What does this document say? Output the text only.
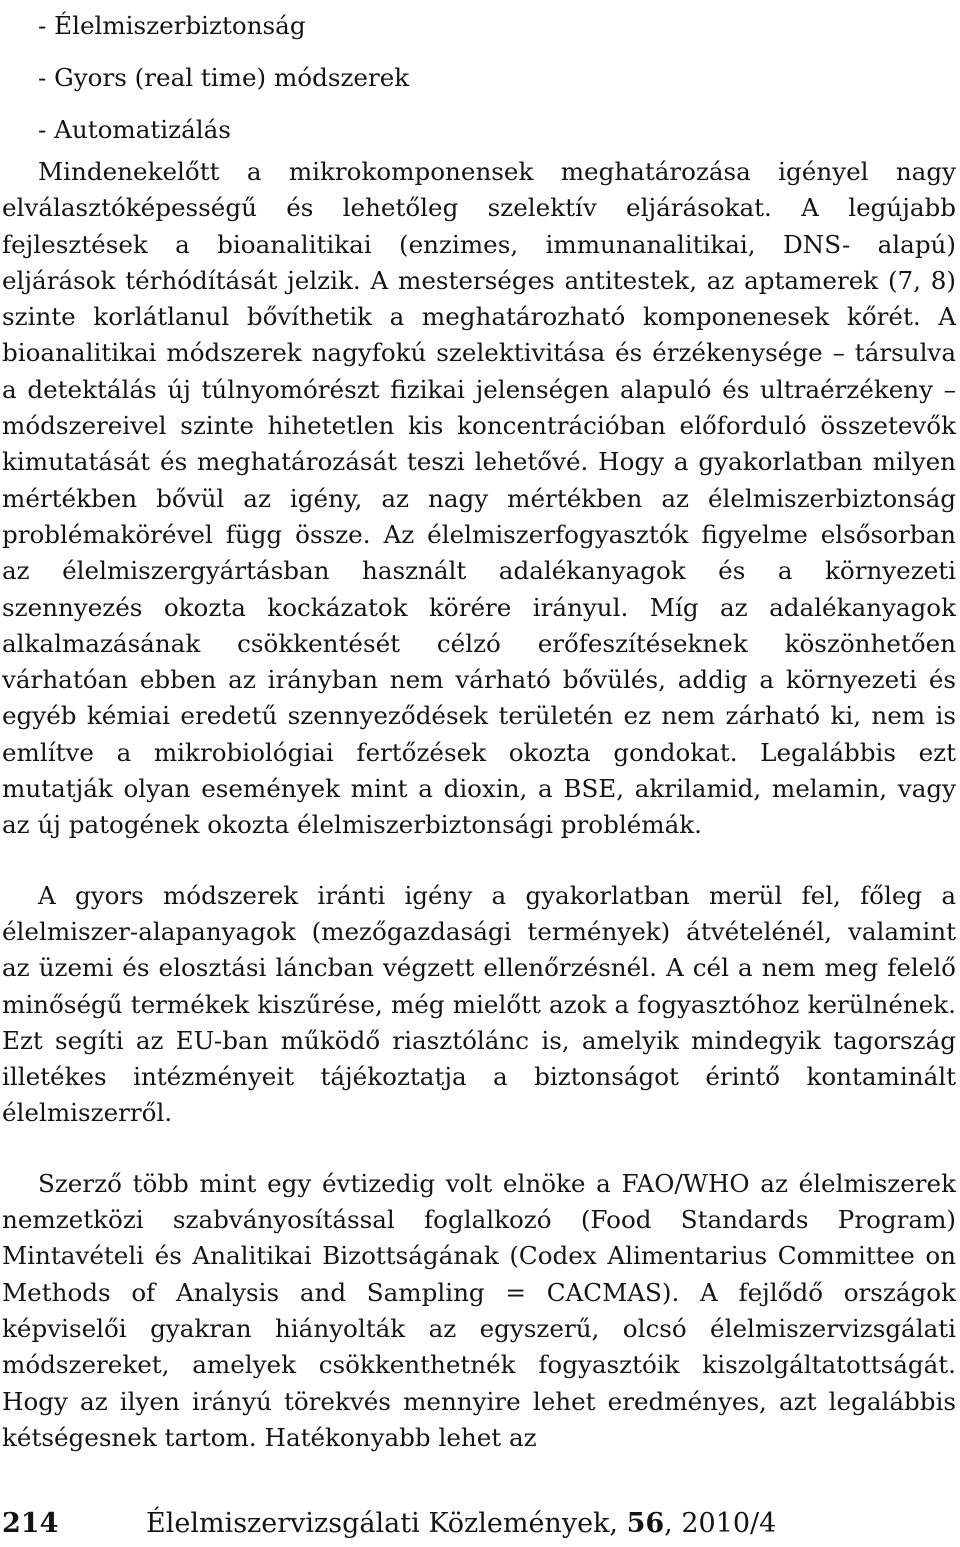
- Élelmiszerbiztonság
- Gyors (real time) módszerek
- Automatizálás

Mindenekelőtt a mikrokomponensek meghatározása igényel nagy elválasztóképességű és lehetőleg szelektív eljárásokat. A legújabb fejlesztések a bioanalitikai (enzimes, immunanalitikai, DNS- alapú) eljárások térhódítását jelzik. A mesterséges antitestek, az aptamerek (7, 8) szinte korlátlanul bővíthetik a meghatározható komponenesek kőrét. A bioanalitikai módszerek nagyfokú szelektivitása és érzékenysége – társulva a detektálás új túlnyomórészt fizikai jelenségen alapuló és ultraérzékeny – módszereivel szinte hihetetlen kis koncentrációban előforduló összetevők kimutatását és meghatározását teszi lehetővé. Hogy a gyakorlatban milyen mértékben bővül az igény, az nagy mértékben az élelmiszerbiztonság problémakörével függ össze. Az élelmiszerfogyasztók figyelme elsősorban az élelmiszergyártásban használt adalékanyagok és a környezeti szennyezés okozta kockázatok körére irányul. Míg az adalékanyagok alkalmazásának csökkentését célzó erőfeszítéseknek köszönhetően várhatóan ebben az irányban nem várható bővülés, addig a környezeti és egyéb kémiai eredetű szennyeződések területén ez nem zárható ki, nem is említve a mikrobiológiai fertőzések okozta gondokat. Legalábbis ezt mutatják olyan események mint a dioxin, a BSE, akrilamid, melamin, vagy az új patogének okozta élelmiszerbiztonsági problémák.

A gyors módszerek iránti igény a gyakorlatban merül fel, főleg a élelmiszer-alapanyagok (mezőgazdasági termények) átvételénél, valamint az üzemi és elosztási láncban végzett ellenőrzésnél. A cél a nem meg felelő minőségű termékek kiszűrése, még mielőtt azok a fogyasztóhoz kerülnének. Ezt segíti az EU-ban működő riasztólánc is, amelyik mindegyik tagország illetékes intézményeit tájékoztatja a biztonságot érintő kontaminált élelmiszerről.

Szerző több mint egy évtizedig volt elnöke a FAO/WHO az élelmiszerek nemzetközi szabványosítással foglalkozó (Food Standards Program) Mintavételi és Analitikai Bizottságának (Codex Alimentarius Committee on Methods of Analysis and Sampling = CACMAS). A fejlődő országok képviselői gyakran hiányolták az egyszerű, olcsó élelmiszervizsgálati módszereket, amelyek csökkenthetnék fogyasztóik kiszolgáltatottságát. Hogy az ilyen irányú törekvés mennyire lehet eredményes, azt legalábbis kétségesnek tartom. Hatékonyabb lehet az

214	Élelmiszervizsgálati Közlemények, 56, 2010/4
